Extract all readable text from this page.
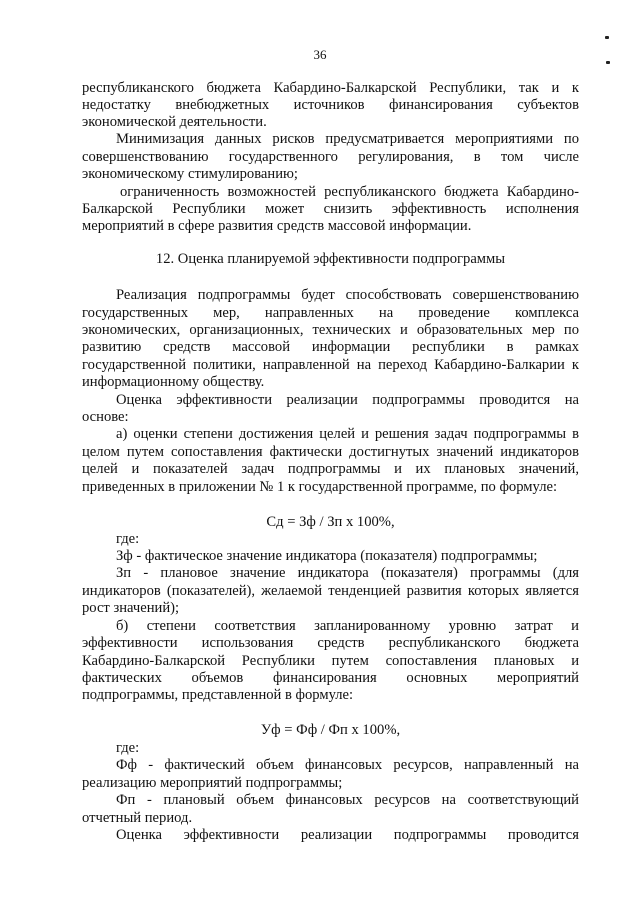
36

республиканского бюджета Кабардино-Балкарской Республики, так и к

недостатку внебюджетных источников финансирования субъектов

экономической деятельности.

Минимизация данных рисков предусматривается мероприятиями по

совершенствованию государственного регулирования, в том числе

экономическому стимулированию;

ограниченность возможностей республиканского бюджета Кабардино-

Балкарской Республики может снизить эффективность исполнения

мероприятий в сфере развития средств массовой информации.

12. Оценка планируемой эффективности подпрограммы

Реализация подпрограммы будет способствовать совершенствованию

государственных мер, направленных на проведение комплекса

экономических, организационных, технических и образовательных мер по

развитию средств массовой информации республики в рамках

государственной политики, направленной на переход Кабардино-Балкарии к

информационному обществу.

Оценка эффективности реализации подпрограммы проводится на

основе:

а) оценки степени достижения целей и решения задач подпрограммы в

целом путем сопоставления фактически достигнутых значений индикаторов

целей и показателей задач подпрограммы и их плановых значений,

приведенных в приложении № 1 к государственной программе, по формуле:

Сд = Зф / Зп х 100%,

где:

Зф - фактическое значение индикатора (показателя) подпрограммы;

Зп - плановое значение индикатора (показателя) программы (для

индикаторов (показателей), желаемой тенденцией развития которых является

рост значений);

б) степени соответствия запланированному уровню затрат и

эффективности использования средств республиканского бюджета

Кабардино-Балкарской Республики путем сопоставления плановых и

фактических объемов финансирования основных мероприятий

подпрограммы, представленной в формуле:

Уф = Фф / Фп х 100%,

где:

Фф - фактический объем финансовых ресурсов, направленный на

реализацию мероприятий подпрограммы;

Фп - плановый объем финансовых ресурсов на соответствующий

отчетный период.

Оценка эффективности реализации подпрограммы проводится
